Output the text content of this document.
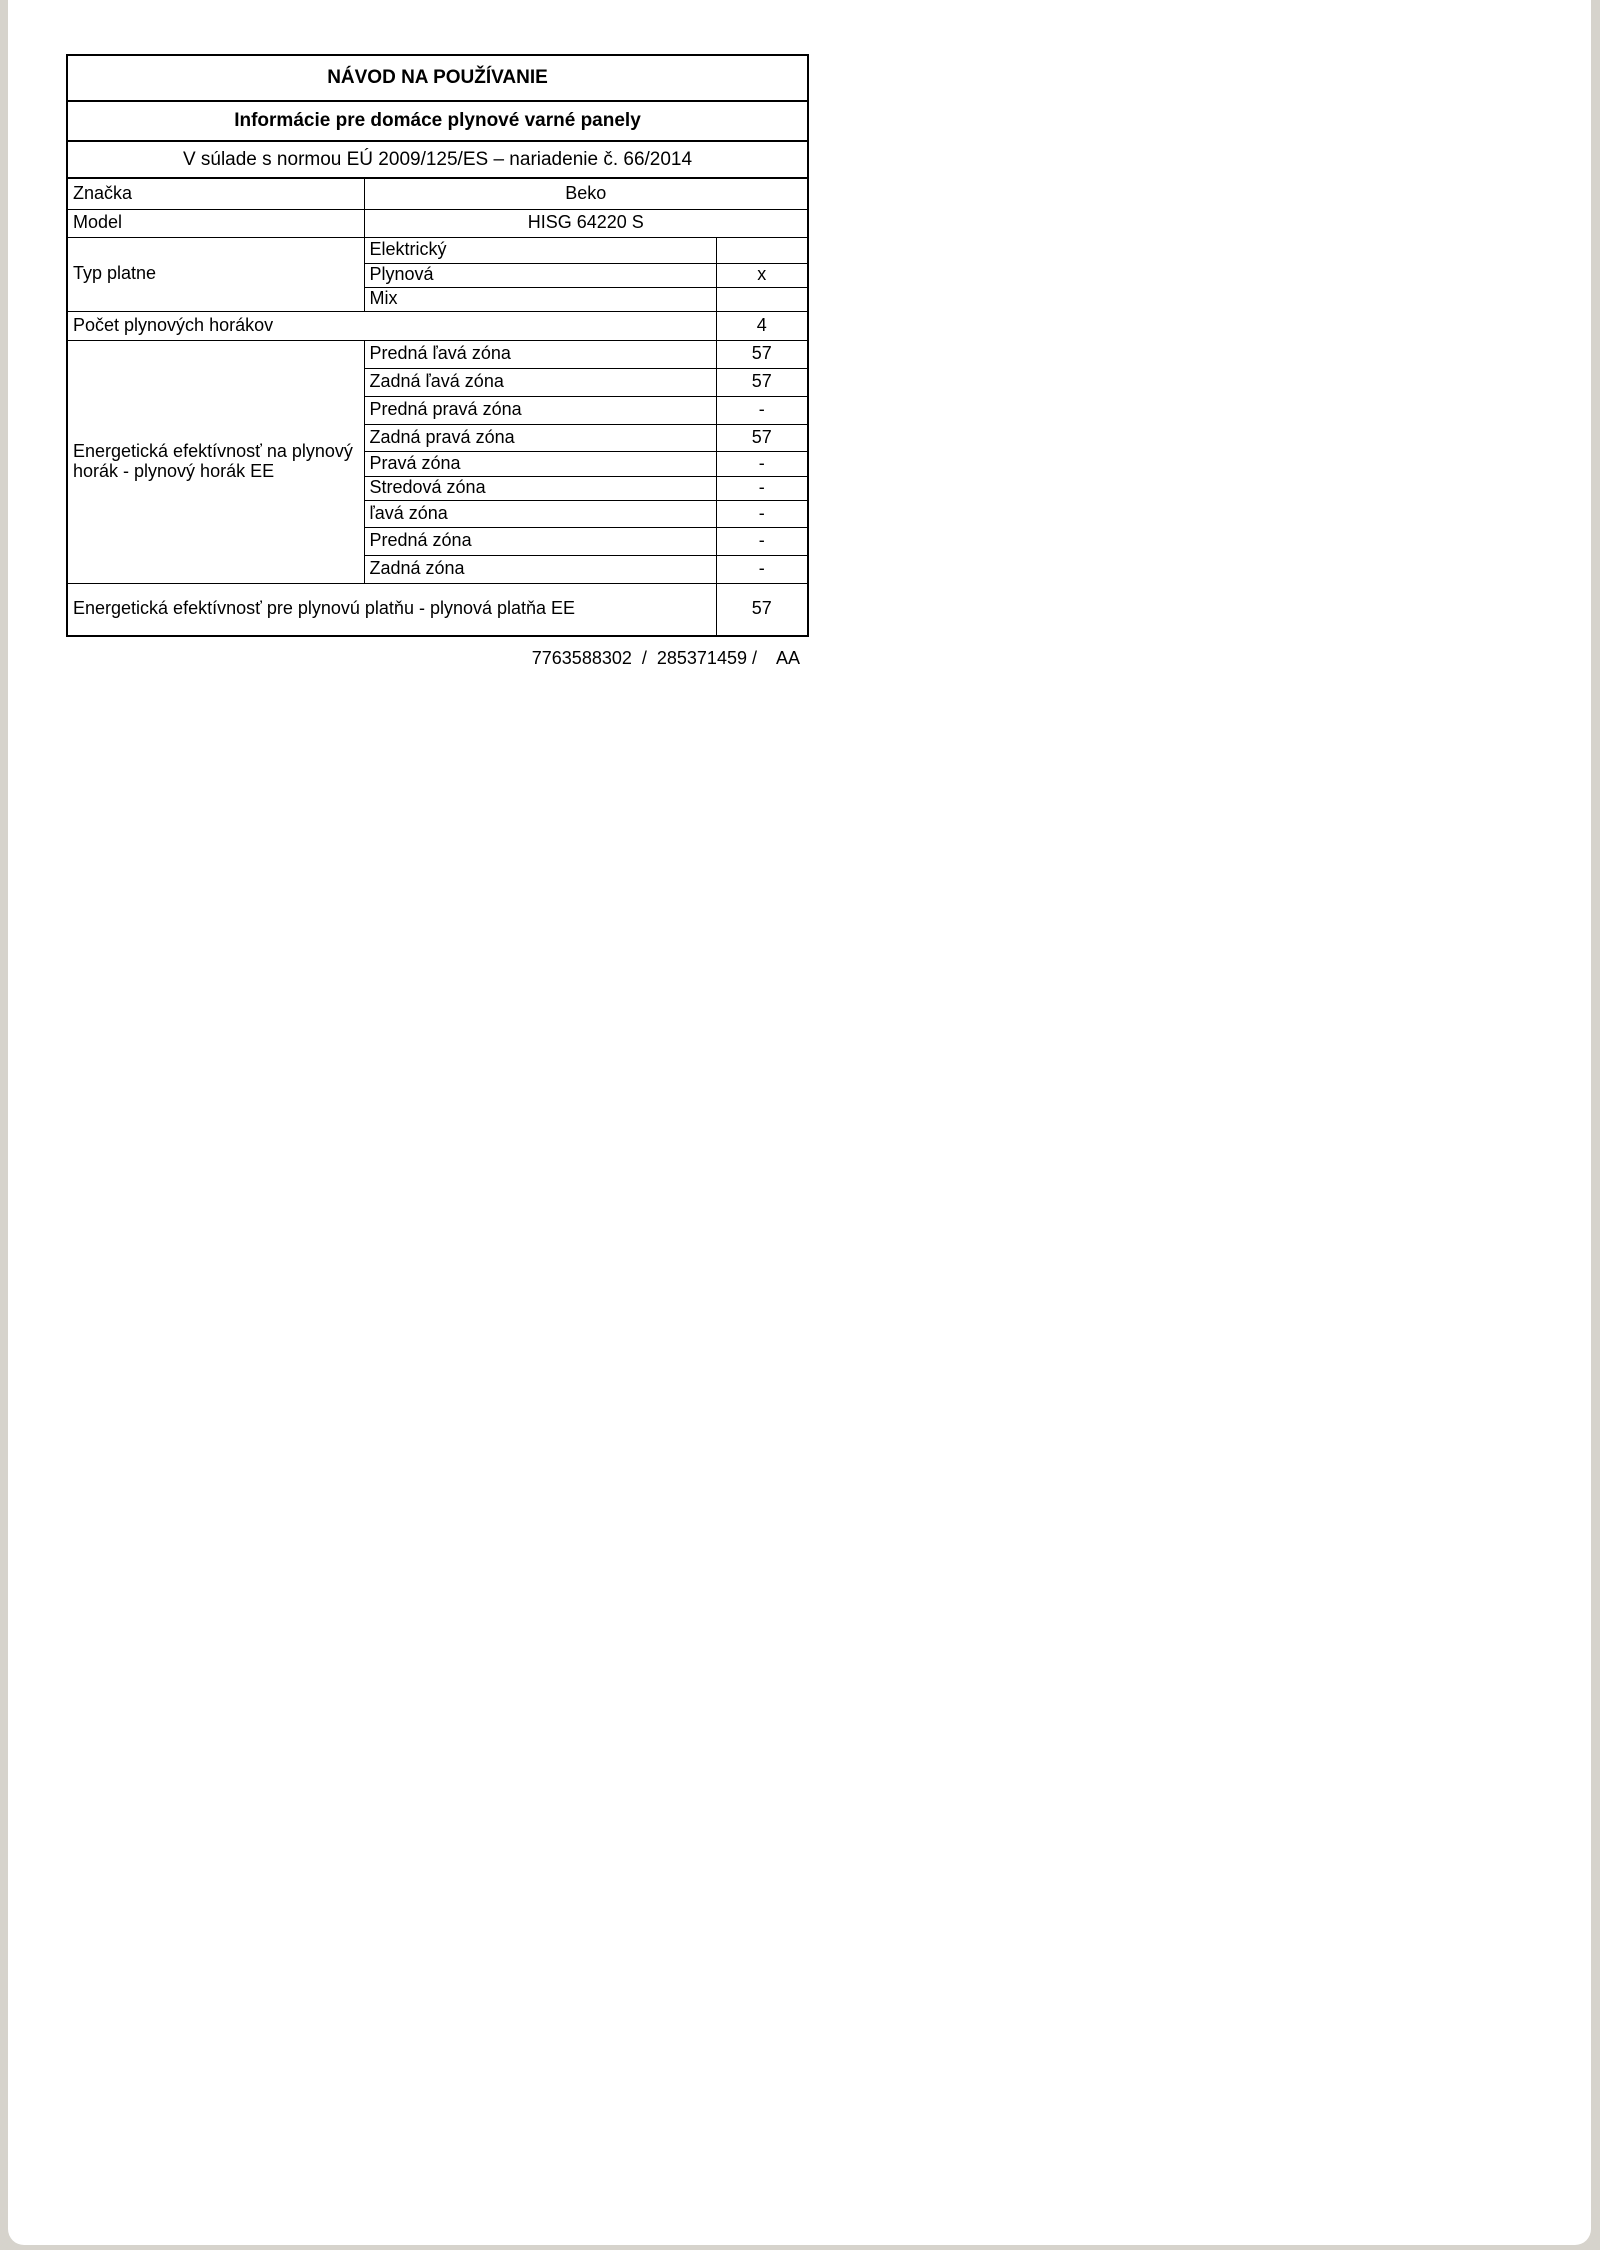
NÁVOD NA POUŽÍVANIE
Informácie pre domáce plynové varné panely
V súlade s normou EÚ 2009/125/ES – nariadenie č. 66/2014
Značka	Beko	
Model	HISG 64220 S	
Typ platne	Elektrický	
	Plynová	x
	Mix	
Počet plynových horákov		4
Energetická efektívnosť na plynový horák - plynový horák EE	Predná ľavá zóna	57
	Zadná ľavá zóna	57
	Predná pravá zóna	-
	Zadná pravá zóna	57
	Pravá zóna	-
	Stredová zóna	-
	ľavá zóna	-
	Predná zóna	-
	Zadná zóna	-
Energetická efektívnosť pre plynovú platňu - plynová platňa EE		57
7763588302  /  285371459 /    AA
